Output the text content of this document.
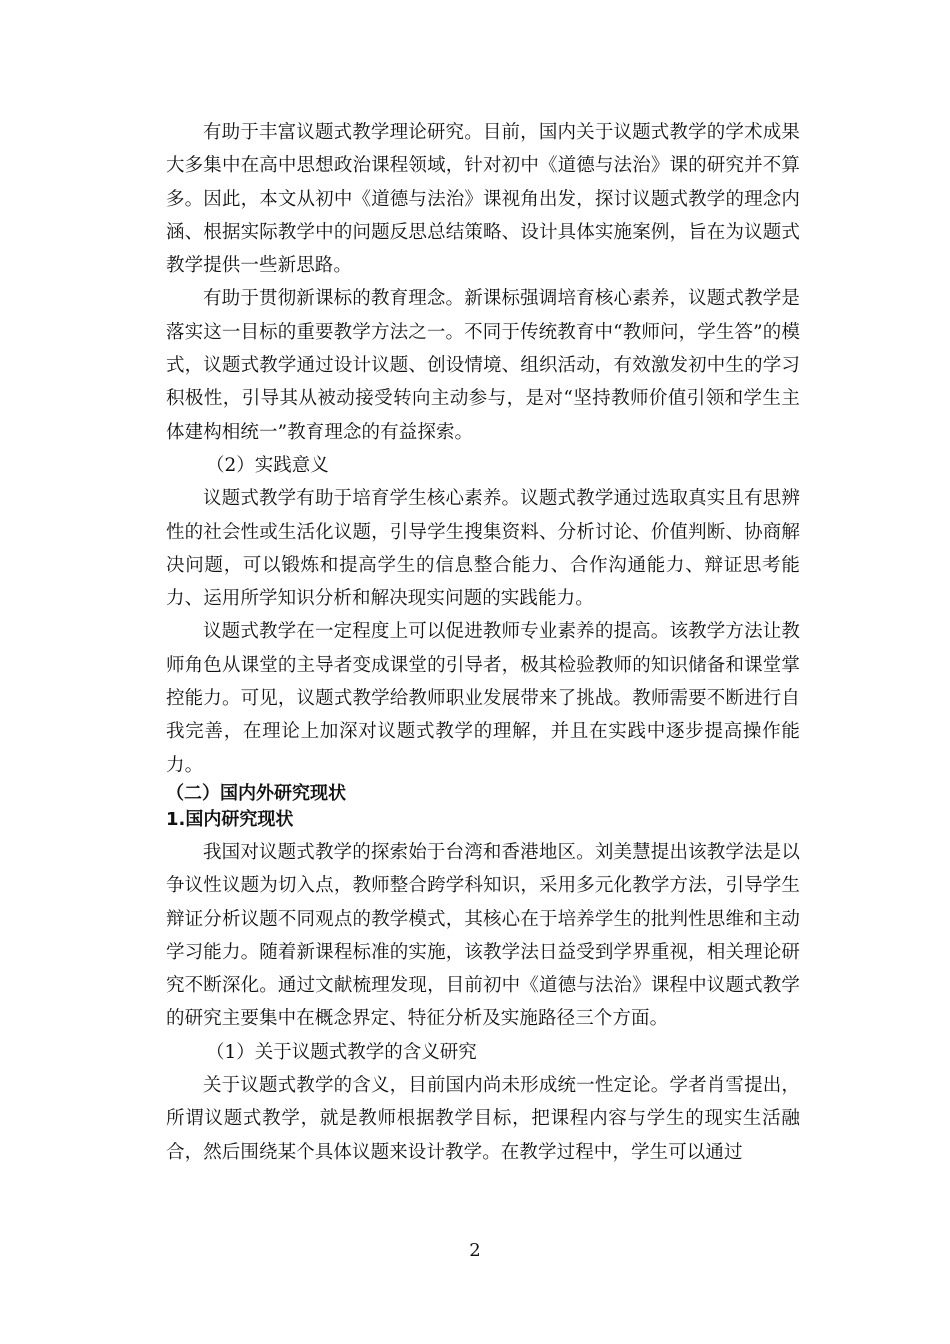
有助于丰富议题式教学理论研究。目前，国内关于议题式教学的学术成果大多集中在高中思想政治课程领域，针对初中《道德与法治》课的研究并不算多。因此，本文从初中《道德与法治》课视角出发，探讨议题式教学的理念内涵、根据实际教学中的问题反思总结策略、设计具体实施案例，旨在为议题式教学提供一些新思路。

有助于贯彻新课标的教育理念。新课标强调培育核心素养，议题式教学是落实这一目标的重要教学方法之一。不同于传统教育中“教师问，学生答”的模式，议题式教学通过设计议题、创设情境、组织活动，有效激发初中生的学习积极性，引导其从被动接受转向主动参与，是对“坚持教师价值引领和学生主体建构相统一”教育理念的有益探索。

（2）实践意义

议题式教学有助于培育学生核心素养。议题式教学通过选取真实且有思辨性的社会性或生活化议题，引导学生搜集资料、分析讨论、价值判断、协商解决问题，可以锻炼和提高学生的信息整合能力、合作沟通能力、辩证思考能力、运用所学知识分析和解决现实问题的实践能力。

议题式教学在一定程度上可以促进教师专业素养的提高。该教学方法让教师角色从课堂的主导者变成课堂的引导者，极其检验教师的知识储备和课堂掌控能力。可见，议题式教学给教师职业发展带来了挑战。教师需要不断进行自我完善，在理论上加深对议题式教学的理解，并且在实践中逐步提高操作能力。

（二）国内外研究现状

1.国内研究现状

我国对议题式教学的探索始于台湾和香港地区。刘美慧提出该教学法是以争议性议题为切入点，教师整合跨学科知识，采用多元化教学方法，引导学生辩证分析议题不同观点的教学模式，其核心在于培养学生的批判性思维和主动学习能力。随着新课程标准的实施，该教学法日益受到学界重视，相关理论研究不断深化。通过文献梳理发现，目前初中《道德与法治》课程中议题式教学的研究主要集中在概念界定、特征分析及实施路径三个方面。

（1）关于议题式教学的含义研究

关于议题式教学的含义，目前国内尚未形成统一性定论。学者肖雪提出，所谓议题式教学，就是教师根据教学目标，把课程内容与学生的现实生活融合，然后围绕某个具体议题来设计教学。在教学过程中，学生可以通过

2
